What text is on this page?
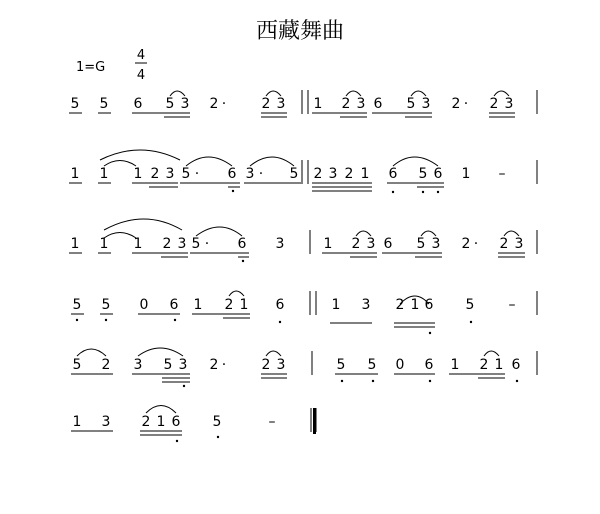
西藏舞曲
1=G
4
4
5 5 6 5 3 2 ·	2 3 1 2 3 6 5 3 2 · 2 3
1 1 1 2 3 5 · 6 3 · 5 2 3 2 1 6 5 6 1 –
1 1 1 2 3 5 · 6 3	1 2 3 6 5 3 2 · 2 3
5 5 0 6 1 2 1 6	1 3 2 1 6 5 –
5 2 3 5 3 2 ·	2 3	5 5 0 6 1 2 1 6
1 3 2 1 6 5	–
